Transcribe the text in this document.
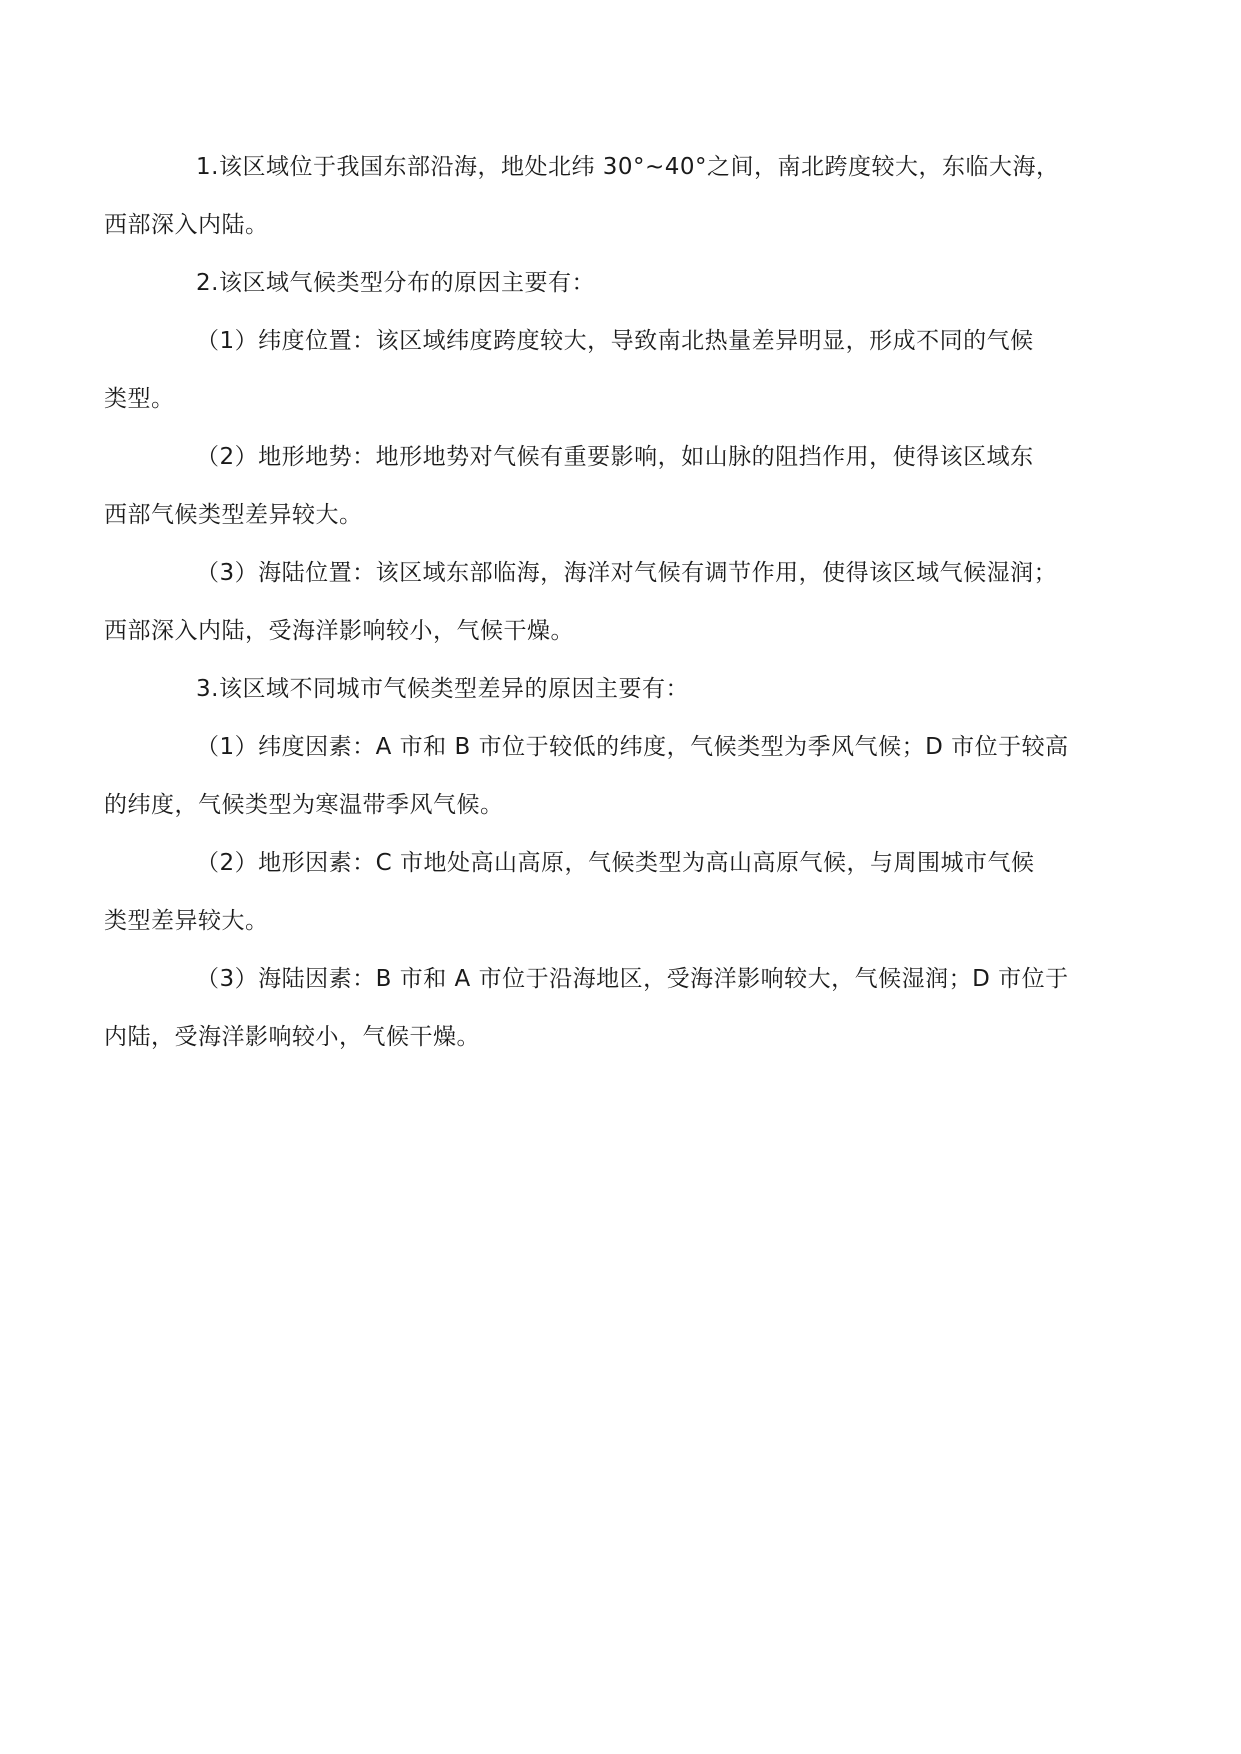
1.该区域位于我国东部沿海，地处北纬 30°~40°之间，南北跨度较大，东临大海，
西部深入内陆。

2.该区域气候类型分布的原因主要有：

（1）纬度位置：该区域纬度跨度较大，导致南北热量差异明显，形成不同的气候
类型。

（2）地形地势：地形地势对气候有重要影响，如山脉的阻挡作用，使得该区域东
西部气候类型差异较大。

（3）海陆位置：该区域东部临海，海洋对气候有调节作用，使得该区域气候湿润；
西部深入内陆，受海洋影响较小，气候干燥。

3.该区域不同城市气候类型差异的原因主要有：

（1）纬度因素：A 市和 B 市位于较低的纬度，气候类型为季风气候；D 市位于较高
的纬度，气候类型为寒温带季风气候。

（2）地形因素：C 市地处高山高原，气候类型为高山高原气候，与周围城市气候
类型差异较大。

（3）海陆因素：B 市和 A 市位于沿海地区，受海洋影响较大，气候湿润；D 市位于
内陆，受海洋影响较小，气候干燥。
